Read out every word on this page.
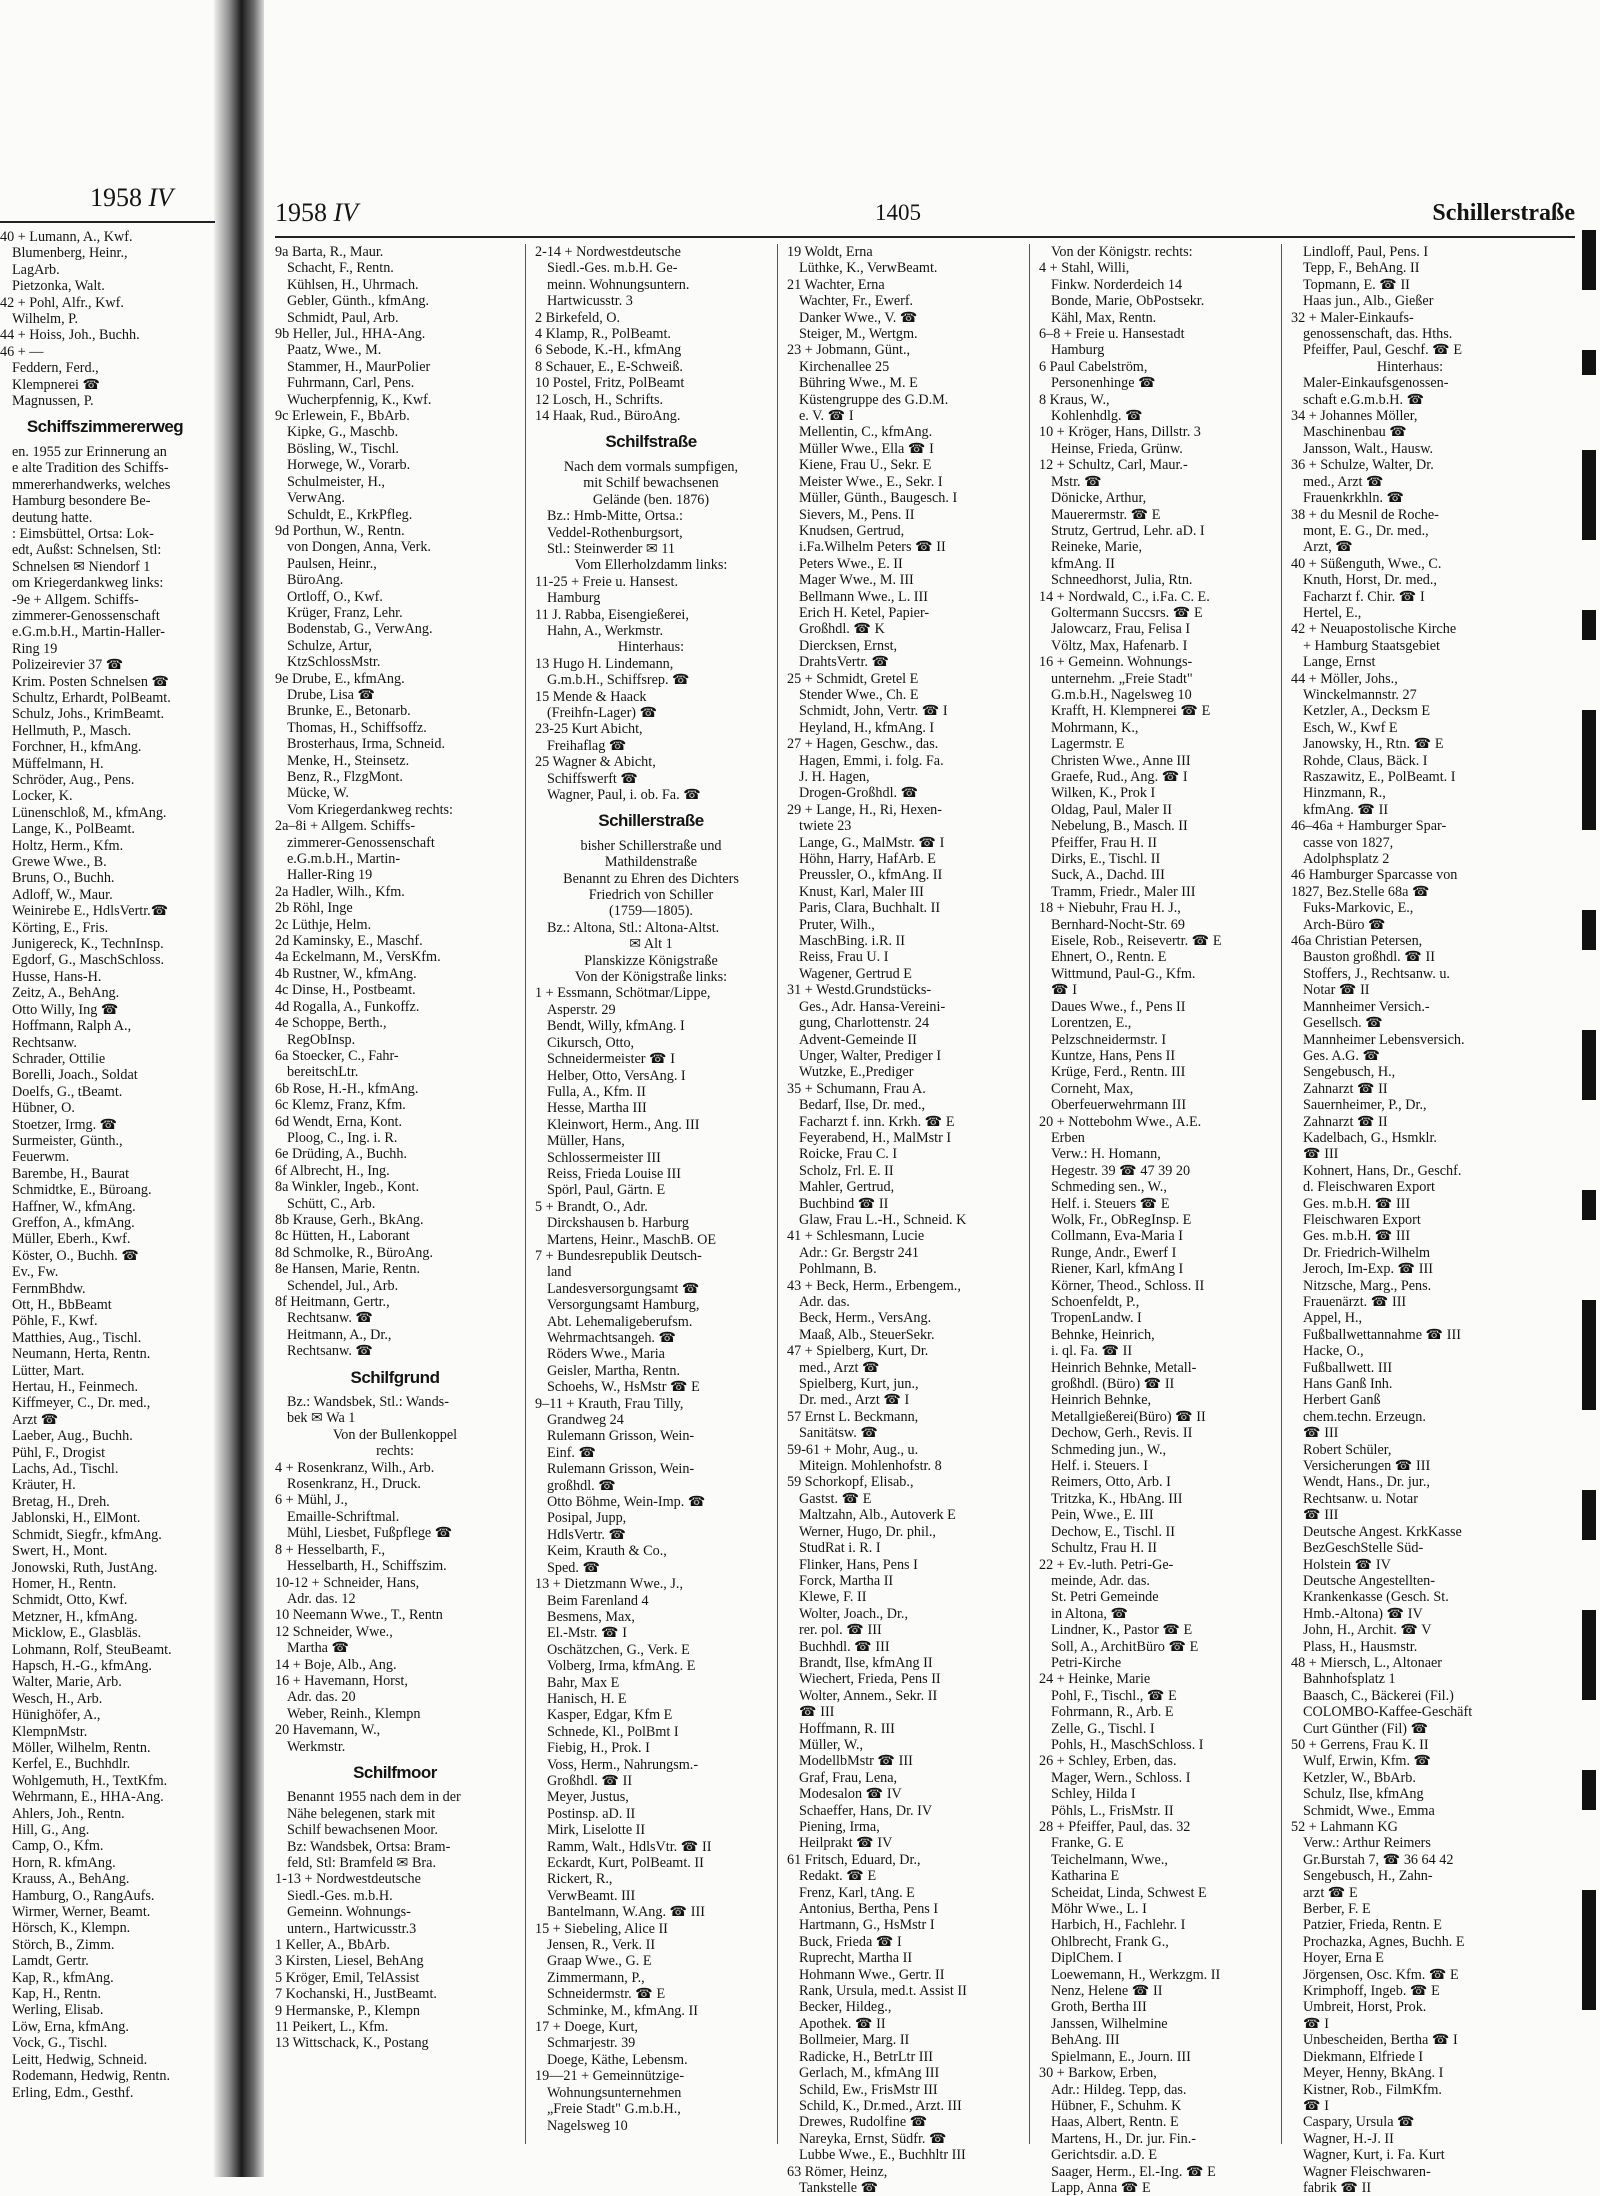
1958 IV

40 + Lumann, A., Kwf.

Blumenberg, Heinr.,

LagArb.

Pietzonka, Walt.

42 + Pohl, Alfr., Kwf.

Wilhelm, P.

44 + Hoiss, Joh., Buchh.

46 + —

Feddern, Ferd.,

Klempnerei ☎

Magnussen, P.

Schiffszimmererweg

en. 1955 zur Erinnerung an

e alte Tradition des Schiffs-

mmererhandwerks, welches

Hamburg besondere Be-

deutung hatte.

: Eimsbüttel, Ortsa: Lok-

edt, Außst: Schnelsen, Stl:

Schnelsen ✉ Niendorf 1

om Kriegerdankweg links:

-9e + Allgem. Schiffs-

zimmerer-Genossenschaft

e.G.m.b.H., Martin-Haller-

Ring 19

Polizeirevier 37 ☎

Krim. Posten Schnelsen ☎

Schultz, Erhardt, PolBeamt.

Schulz, Johs., KrimBeamt.

Hellmuth, P., Masch.

Forchner, H., kfmAng.

Müffelmann, H.

Schröder, Aug., Pens.

Locker, K.

Lünenschloß, M., kfmAng.

Lange, K., PolBeamt.

Holtz, Herm., Kfm.

Grewe Wwe., B.

Bruns, O., Buchh.

Adloff, W., Maur.

Weinirebe E., HdlsVertr.☎

Körting, E., Fris.

Junigereck, K., TechnInsp.

Egdorf, G., MaschSchloss.

Husse, Hans-H.

Zeitz, A., BehAng.

Otto Willy, Ing ☎

Hoffmann, Ralph A.,

Rechtsanw.

Schrader, Ottilie

Borelli, Joach., Soldat

Doelfs, G., tBeamt.

Hübner, O.

Stoetzer, Irmg. ☎

Surmeister, Günth.,

Feuerwm.

Barembe, H., Baurat

Schmidtke, E., Büroang.

Haffner, W., kfmAng.

Greffon, A., kfmAng.

Müller, Eberh., Kwf.

Köster, O., Buchh. ☎

Ev., Fw.

FernmBhdw.

Ott, H., BbBeamt

Pöhle, F., Kwf.

Matthies, Aug., Tischl.

Neumann, Herta, Rentn.

Lütter, Mart.

Hertau, H., Feinmech.

Kiffmeyer, C., Dr. med.,

Arzt ☎

Laeber, Aug., Buchh.

Pühl, F., Drogist

Lachs, Ad., Tischl.

Kräuter, H.

Bretag, H., Dreh.

Jablonski, H., ElMont.

Schmidt, Siegfr., kfmAng.

Swert, H., Mont.

Jonowski, Ruth, JustAng.

Homer, H., Rentn.

Schmidt, Otto, Kwf.

Metzner, H., kfmAng.

Micklow, E., Glasbläs.

Lohmann, Rolf, SteuBeamt.

Hapsch, H.-G., kfmAng.

Walter, Marie, Arb.

Wesch, H., Arb.

Hünighöfer, A.,

KlempnMstr.

Möller, Wilhelm, Rentn.

Kerfel, E., Buchhdlr.

Wohlgemuth, H., TextKfm.

Wehrmann, E., HHA-Ang.

Ahlers, Joh., Rentn.

Hill, G., Ang.

Camp, O., Kfm.

Horn, R. kfmAng.

Krauss, A., BehAng.

Hamburg, O., RangAufs.

Wirmer, Werner, Beamt.

Hörsch, K., Klempn.

Störch, B., Zimm.

Lamdt, Gertr.

Kap, R., kfmAng.

Kap, H., Rentn.

Werling, Elisab.

Löw, Erna, kfmAng.

Vock, G., Tischl.

Leitt, Hedwig, Schneid.

Rodemann, Hedwig, Rentn.

Erling, Edm., Gesthf.

1958 IV	1405	Schillerstraße

9a Barta, R., Maur.

Schacht, F., Rentn.

Kühlsen, H., Uhrmach.

Gebler, Günth., kfmAng.

Schmidt, Paul, Arb.

9b Heller, Jul., HHA-Ang.

Paatz, Wwe., M.

Stammer, H., MaurPolier

Fuhrmann, Carl, Pens.

Wucherpfennig, K., Kwf.

9c Erlewein, F., BbArb.

Kipke, G., Maschb.

Bösling, W., Tischl.

Horwege, W., Vorarb.

Schulmeister, H.,

VerwAng.

Schuldt, E., KrkPfleg.

9d Porthun, W., Rentn.

von Dongen, Anna, Verk.

Paulsen, Heinr.,

BüroAng.

Ortloff, O., Kwf.

Krüger, Franz, Lehr.

Bodenstab, G., VerwAng.

Schulze, Artur,

KtzSchlossMstr.

9e Drube, E., kfmAng.

Drube, Lisa ☎

Brunke, E., Betonarb.

Thomas, H., Schiffsoffz.

Brosterhaus, Irma, Schneid.

Menke, H., Steinsetz.

Benz, R., FlzgMont.

Mücke, W.

Vom Kriegerdankweg rechts:

2a–8i + Allgem. Schiffs-

zimmerer-Genossenschaft

e.G.m.b.H., Martin-

Haller-Ring 19

2a Hadler, Wilh., Kfm.

2b Röhl, Inge

2c Lüthje, Helm.

2d Kaminsky, E., Maschf.

4a Eckelmann, M., VersKfm.

4b Rustner, W., kfmAng.

4c Dinse, H., Postbeamt.

4d Rogalla, A., Funkoffz.

4e Schoppe, Berth.,

RegObInsp.

6a Stoecker, C., Fahr-

bereitschLtr.

6b Rose, H.-H., kfmAng.

6c Klemz, Franz, Kfm.

6d Wendt, Erna, Kont.

Ploog, C., Ing. i. R.

6e Drüding, A., Buchh.

6f Albrecht, H., Ing.

8a Winkler, Ingeb., Kont.

Schütt, C., Arb.

8b Krause, Gerh., BkAng.

8c Hütten, H., Laborant

8d Schmolke, R., BüroAng.

8e Hansen, Marie, Rentn.

Schendel, Jul., Arb.

8f Heitmann, Gertr.,

Rechtsanw. ☎

Heitmann, A., Dr.,

Rechtsanw. ☎

Schilfgrund

Bz.: Wandsbek, Stl.: Wands-

bek ✉ Wa 1

Von der Bullenkoppel

rechts:

4 + Rosenkranz, Wilh., Arb.

Rosenkranz, H., Druck.

6 + Mühl, J.,

Emaille-Schriftmal.

Mühl, Liesbet, Fußpflege ☎

8 + Hesselbarth, F.,

Hesselbarth, H., Schiffszim.

10-12 + Schneider, Hans,

Adr. das. 12

10 Neemann Wwe., T., Rentn

12 Schneider, Wwe.,

Martha ☎

14 + Boje, Alb., Ang.

16 + Havemann, Horst,

Adr. das. 20

Weber, Reinh., Klempn

20 Havemann, W.,

Werkmstr.

Schilfmoor

Benannt 1955 nach dem in der

Nähe belegenen, stark mit

Schilf bewachsenen Moor.

Bz: Wandsbek, Ortsa: Bram-

feld, Stl: Bramfeld ✉ Bra.

1-13 + Nordwestdeutsche

Siedl.-Ges. m.b.H.

Gemeinn. Wohnungs-

untern., Hartwicusstr.3

1 Keller, A., BbArb.

3 Kirsten, Liesel, BehAng

5 Kröger, Emil, TelAssist

7 Kochanski, H., JustBeamt.

9 Hermanske, P., Klempn

11 Peikert, L., Kfm.

13 Wittschack, K., Postang

2-14 + Nordwestdeutsche

Siedl.-Ges. m.b.H. Ge-

meinn. Wohnungsuntern.

Hartwicusstr. 3

2 Birkefeld, O.

4 Klamp, R., PolBeamt.

6 Sebode, K.-H., kfmAng

8 Schauer, E., E-Schweiß.

10 Postel, Fritz, PolBeamt

12 Losch, H., Schrifts.

14 Haak, Rud., BüroAng.

Schilfstraße

Nach dem vormals sumpfigen,

mit Schilf bewachsenen

Gelände (ben. 1876)

Bz.: Hmb-Mitte, Ortsa.:

Veddel-Rothenburgsort,

Stl.: Steinwerder ✉ 11

Vom Ellerholzdamm links:

11-25 + Freie u. Hansest.

Hamburg

11 J. Rabba, Eisengießerei,

Hahn, A., Werkmstr.

Hinterhaus:

13 Hugo H. Lindemann,

G.m.b.H., Schiffsrep. ☎

15 Mende & Haack

(Freihfn-Lager) ☎

23-25 Kurt Abicht,

Freihaflag ☎

25 Wagner & Abicht,

Schiffswerft ☎

Wagner, Paul, i. ob. Fa. ☎

Schillerstraße

bisher Schillerstraße und

Mathildenstraße

Benannt zu Ehren des Dichters

Friedrich von Schiller

(1759—1805).

Bz.: Altona, Stl.: Altona-Altst.

✉ Alt 1

Planskizze Königstraße

Von der Königstraße links:

1 + Essmann, Schötmar/Lippe,

Asperstr. 29

Bendt, Willy, kfmAng. I

Cikursch, Otto,

Schneidermeister ☎ I

Helber, Otto, VersAng. I

Fulla, A., Kfm. II

Hesse, Martha III

Kleinwort, Herm., Ang. III

Müller, Hans,

Schlossermeister III

Reiss, Frieda Louise III

Spörl, Paul, Gärtn. E

5 + Brandt, O., Adr.

Dirckshausen b. Harburg

Martens, Heinr., MaschB. OE

7 + Bundesrepublik Deutsch-

land

Landesversorgungsamt ☎

Versorgungsamt Hamburg,

Abt. Lehemaligeberufsm.

Wehrmachtsangeh. ☎

Röders Wwe., Maria

Geisler, Martha, Rentn.

Schoehs, W., HsMstr ☎ E

9–11 + Krauth, Frau Tilly,

Grandweg 24

Rulemann Grisson, Wein-

Einf. ☎

Rulemann Grisson, Wein-

großhdl. ☎

Otto Böhme, Wein-Imp. ☎

Posipal, Jupp,

HdlsVertr. ☎

Keim, Krauth & Co.,

Sped. ☎

13 + Dietzmann Wwe., J.,

Beim Farenland 4

Besmens, Max,

El.-Mstr. ☎ I

Oschätzchen, G., Verk. E

Volberg, Irma, kfmAng. E

Bahr, Max E

Hanisch, H. E

Kasper, Edgar, Kfm E

Schnede, Kl., PolBmt I

Fiebig, H., Prok. I

Voss, Herm., Nahrungsm.-

Großhdl. ☎ II

Meyer, Justus,

Postinsp. aD. II

Mirk, Liselotte II

Ramm, Walt., HdlsVtr. ☎ II

Eckardt, Kurt, PolBeamt. II

Rickert, R.,

VerwBeamt. III

Bantelmann, W.Ang. ☎ III

15 + Siebeling, Alice II

Jensen, R., Verk. II

Graap Wwe., G. E

Zimmermann, P.,

Schneidermstr. ☎ E

Schminke, M., kfmAng. II

17 + Doege, Kurt,

Schmarjestr. 39

Doege, Käthe, Lebensm.

19—21 + Gemeinnützige-

Wohnungsunternehmen

„Freie Stadt" G.m.b.H.,

Nagelsweg 10

19 Woldt, Erna

Lüthke, K., VerwBeamt.

21 Wachter, Erna

Wachter, Fr., Ewerf.

Danker Wwe., V. ☎

Steiger, M., Wertgm.

23 + Jobmann, Günt.,

Kirchenallee 25

Bühring Wwe., M. E

Küstengruppe des G.D.M.

e. V. ☎ I

Mellentin, C., kfmAng.

Müller Wwe., Ella ☎ I

Kiene, Frau U., Sekr. E

Meister Wwe., E., Sekr. I

Müller, Günth., Baugesch. I

Sievers, M., Pens. II

Knudsen, Gertrud,

i.Fa.Wilhelm Peters ☎ II

Peters Wwe., E. II

Mager Wwe., M. III

Bellmann Wwe., L. III

Erich H. Ketel, Papier-

Großhdl. ☎ K

Diercksen, Ernst,

DrahtsVertr. ☎

25 + Schmidt, Gretel E

Stender Wwe., Ch. E

Schmidt, John, Vertr. ☎ I

Heyland, H., kfmAng. I

27 + Hagen, Geschw., das.

Hagen, Emmi, i. folg. Fa.

J. H. Hagen,

Drogen-Großhdl. ☎

29 + Lange, H., Ri, Hexen-

twiete 23

Lange, G., MalMstr. ☎ I

Höhn, Harry, HafArb. E

Preussler, O., kfmAng. II

Knust, Karl, Maler III

Paris, Clara, Buchhalt. II

Pruter, Wilh.,

MaschBing. i.R. II

Reiss, Frau U. I

Wagener, Gertrud E

31 + Westd.Grundstücks-

Ges., Adr. Hansa-Vereini-

gung, Charlottenstr. 24

Advent-Gemeinde II

Unger, Walter, Prediger I

Wutzke, E.,Prediger

35 + Schumann, Frau A.

Bedarf, Ilse, Dr. med.,

Facharzt f. inn. Krkh. ☎ E

Feyerabend, H., MalMstr I

Roicke, Frau C. I

Scholz, Frl. E. II

Mahler, Gertrud,

Buchbind ☎ II

Glaw, Frau L.-H., Schneid. K

41 + Schlesmann, Lucie

Adr.: Gr. Bergstr 241

Pohlmann, B.

43 + Beck, Herm., Erbengem.,

Adr. das.

Beck, Herm., VersAng.

Maaß, Alb., SteuerSekr.

47 + Spielberg, Kurt, Dr.

med., Arzt ☎

Spielberg, Kurt, jun.,

Dr. med., Arzt ☎ I

57 Ernst L. Beckmann,

Sanitätsw. ☎

59-61 + Mohr, Aug., u.

Miteign. Mohlenhofstr. 8

59 Schorkopf, Elisab.,

Gastst. ☎ E

Maltzahn, Alb., Autoverk E

Werner, Hugo, Dr. phil.,

StudRat i. R. I

Flinker, Hans, Pens I

Forck, Martha II

Klewe, F. II

Wolter, Joach., Dr.,

rer. pol. ☎ III

Buchhdl. ☎ III

Brandt, Ilse, kfmAng II

Wiechert, Frieda, Pens II

Wolter, Annem., Sekr. II

☎ III

Hoffmann, R. III

Müller, W.,

ModellbMstr ☎ III

Graf, Frau, Lena,

Modesalon ☎ IV

Schaeffer, Hans, Dr. IV

Piening, Irma,

Heilprakt ☎ IV

61 Fritsch, Eduard, Dr.,

Redakt. ☎ E

Frenz, Karl, tAng. E

Antonius, Bertha, Pens I

Hartmann, G., HsMstr I

Buck, Frieda ☎ I

Ruprecht, Martha II

Hohmann Wwe., Gertr. II

Rank, Ursula, med.t. Assist II

Becker, Hildeg.,

Apothek. ☎ II

Bollmeier, Marg. II

Radicke, H., BetrLtr III

Gerlach, M., kfmAng III

Schild, Ew., FrisMstr III

Schild, K., Dr.med., Arzt. III

Drewes, Rudolfine ☎

Nareyka, Ernst, Südfr. ☎

Lubbe Wwe., E., Buchhltr III

63 Römer, Heinz,

Tankstelle ☎

Von der Königstr. rechts:

4 + Stahl, Willi,

Finkw. Norderdeich 14

Bonde, Marie, ObPostsekr.

Kähl, Max, Rentn.

6–8 + Freie u. Hansestadt

Hamburg

6 Paul Cabelström,

Personenhinge ☎

8 Kraus, W.,

Kohlenhdlg. ☎

10 + Kröger, Hans, Dillstr. 3

Heinse, Frieda, Grünw.

12 + Schultz, Carl, Maur.-

Mstr. ☎

Dönicke, Arthur,

Mauerermstr. ☎ E

Strutz, Gertrud, Lehr. aD. I

Reineke, Marie,

kfmAng. II

Schneedhorst, Julia, Rtn.

14 + Nordwald, C., i.Fa. C. E.

Goltermann Succsrs. ☎ E

Jalowcarz, Frau, Felisa I

Völtz, Max, Hafenarb. I

16 + Gemeinn. Wohnungs-

unternehm. „Freie Stadt"

G.m.b.H., Nagelsweg 10

Krafft, H. Klempnerei ☎ E

Mohrmann, K.,

Lagermstr. E

Christen Wwe., Anne III

Graefe, Rud., Ang. ☎ I

Wilken, K., Prok I

Oldag, Paul, Maler II

Nebelung, B., Masch. II

Pfeiffer, Frau H. II

Dirks, E., Tischl. II

Suck, A., Dachd. III

Tramm, Friedr., Maler III

18 + Niebuhr, Frau H. J.,

Bernhard-Nocht-Str. 69

Eisele, Rob., Reisevertr. ☎ E

Ehnert, O., Rentn. E

Wittmund, Paul-G., Kfm.

☎ I

Daues Wwe., f., Pens II

Lorentzen, E.,

Pelzschneidermstr. I

Kuntze, Hans, Pens II

Krüge, Ferd., Rentn. III

Corneht, Max,

Oberfeuerwehrmann III

20 + Nottebohm Wwe., A.E.

Erben

Verw.: H. Homann,

Hegestr. 39 ☎ 47 39 20

Schmeding sen., W.,

Helf. i. Steuers ☎ E

Wolk, Fr., ObRegInsp. E

Collmann, Eva-Maria I

Runge, Andr., Ewerf I

Riener, Karl, kfmAng I

Körner, Theod., Schloss. II

Schoenfeldt, P.,

TropenLandw. I

Behnke, Heinrich,

i. ql. Fa. ☎ II

Heinrich Behnke, Metall-

großhdl. (Büro) ☎ II

Heinrich Behnke,

Metallgießerei(Büro) ☎ II

Dechow, Gerh., Revis. II

Schmeding jun., W.,

Helf. i. Steuers. I

Reimers, Otto, Arb. I

Tritzka, K., HbAng. III

Pein, Wwe., E. III

Dechow, E., Tischl. II

Schultz, Frau H. II

22 + Ev.-luth. Petri-Ge-

meinde, Adr. das.

St. Petri Gemeinde

in Altona, ☎

Lindner, K., Pastor ☎ E

Soll, A., ArchitBüro ☎ E

Petri-Kirche

24 + Heinke, Marie

Pohl, F., Tischl., ☎ E

Fohrmann, R., Arb. E

Zelle, G., Tischl. I

Pohls, H., MaschSchloss. I

26 + Schley, Erben, das.

Mager, Wern., Schloss. I

Schley, Hilda I

Pöhls, L., FrisMstr. II

28 + Pfeiffer, Paul, das. 32

Franke, G. E

Teichelmann, Wwe.,

Katharina E

Scheidat, Linda, Schwest E

Möhr Wwe., L. I

Harbich, H., Fachlehr. I

Ohlbrecht, Frank G.,

DiplChem. I

Loewemann, H., Werkzgm. II

Nenz, Helene ☎ II

Groth, Bertha III

Janssen, Wilhelmine

BehAng. III

Spielmann, E., Journ. III

30 + Barkow, Erben,

Adr.: Hildeg. Tepp, das.

Hübner, F., Schuhm. K

Haas, Albert, Rentn. E

Martens, H., Dr. jur. Fin.-

Gerichtsdir. a.D. E

Saager, Herm., El.-Ing. ☎ E

Lapp, Anna ☎ E

Lindloff, Paul, Pens. I

Tepp, F., BehAng. II

Topmann, E. ☎ II

Haas jun., Alb., Gießer

32 + Maler-Einkaufs-

genossenschaft, das. Hths.

Pfeiffer, Paul, Geschf. ☎ E

Hinterhaus:

Maler-Einkaufsgenossen-

schaft e.G.m.b.H. ☎

34 + Johannes Möller,

Maschinenbau ☎

Jansson, Walt., Hausw.

36 + Schulze, Walter, Dr.

med., Arzt ☎

Frauenkrkhln. ☎

38 + du Mesnil de Roche-

mont, E. G., Dr. med.,

Arzt, ☎

40 + Süßenguth, Wwe., C.

Knuth, Horst, Dr. med.,

Facharzt f. Chir. ☎ I

Hertel, E.,

42 + Neuapostolische Kirche

+ Hamburg Staatsgebiet

Lange, Ernst

44 + Möller, Johs.,

Winckelmannstr. 27

Ketzler, A., Decksm E

Esch, W., Kwf E

Janowsky, H., Rtn. ☎ E

Rohde, Claus, Bäck. I

Raszawitz, E., PolBeamt. I

Hinzmann, R.,

kfmAng. ☎ II

46–46a + Hamburger Spar-

casse von 1827,

Adolphsplatz 2

46 Hamburger Sparcasse von

1827, Bez.Stelle 68a ☎

Fuks-Markovic, E.,

Arch-Büro ☎

46a Christian Petersen,

Bauston großhdl. ☎ II

Stoffers, J., Rechtsanw. u.

Notar ☎ II

Mannheimer Versich.-

Gesellsch. ☎

Mannheimer Lebensversich.

Ges. A.G. ☎

Sengebusch, H.,

Zahnarzt ☎ II

Sauernheimer, P., Dr.,

Zahnarzt ☎ II

Kadelbach, G., Hsmklr.

☎ III

Kohnert, Hans, Dr., Geschf.

d. Fleischwaren Export

Ges. m.b.H. ☎ III

Fleischwaren Export

Ges. m.b.H. ☎ III

Dr. Friedrich-Wilhelm

Jeroch, Im-Exp. ☎ III

Nitzsche, Marg., Pens.

Frauenärzt. ☎ III

Appel, H.,

Fußballwettannahme ☎ III

Hacke, O.,

Fußballwett. III

Hans Ganß Inh.

Herbert Ganß

chem.techn. Erzeugn.

☎ III

Robert Schüler,

Versicherungen ☎ III

Wendt, Hans., Dr. jur.,

Rechtsanw. u. Notar

☎ III

Deutsche Angest. KrkKasse

BezGeschStelle Süd-

Holstein ☎ IV

Deutsche Angestellten-

Krankenkasse (Gesch. St.

Hmb.-Altona) ☎ IV

John, H., Archit. ☎ V

Plass, H., Hausmstr.

48 + Miersch, L., Altonaer

Bahnhofsplatz 1

Baasch, C., Bäckerei (Fil.)

COLOMBO-Kaffee-Geschäft

Curt Günther (Fil) ☎

50 + Gerrens, Frau K. II

Wulf, Erwin, Kfm. ☎

Ketzler, W., BbArb.

Schulz, Ilse, kfmAng

Schmidt, Wwe., Emma

52 + Lahmann KG

Verw.: Arthur Reimers

Gr.Burstah 7, ☎ 36 64 42

Sengebusch, H., Zahn-

arzt ☎ E

Berber, F. E

Patzier, Frieda, Rentn. E

Prochazka, Agnes, Buchh. E

Hoyer, Erna E

Jörgensen, Osc. Kfm. ☎ E

Krimphoff, Ingeb. ☎ E

Umbreit, Horst, Prok.

☎ I

Unbescheiden, Bertha ☎ I

Diekmann, Elfriede I

Meyer, Henny, BkAng. I

Kistner, Rob., FilmKfm.

☎ I

Caspary, Ursula ☎

Wagner, H.-J. II

Wagner, Kurt, i. Fa. Kurt

Wagner Fleischwaren-

fabrik ☎ II
